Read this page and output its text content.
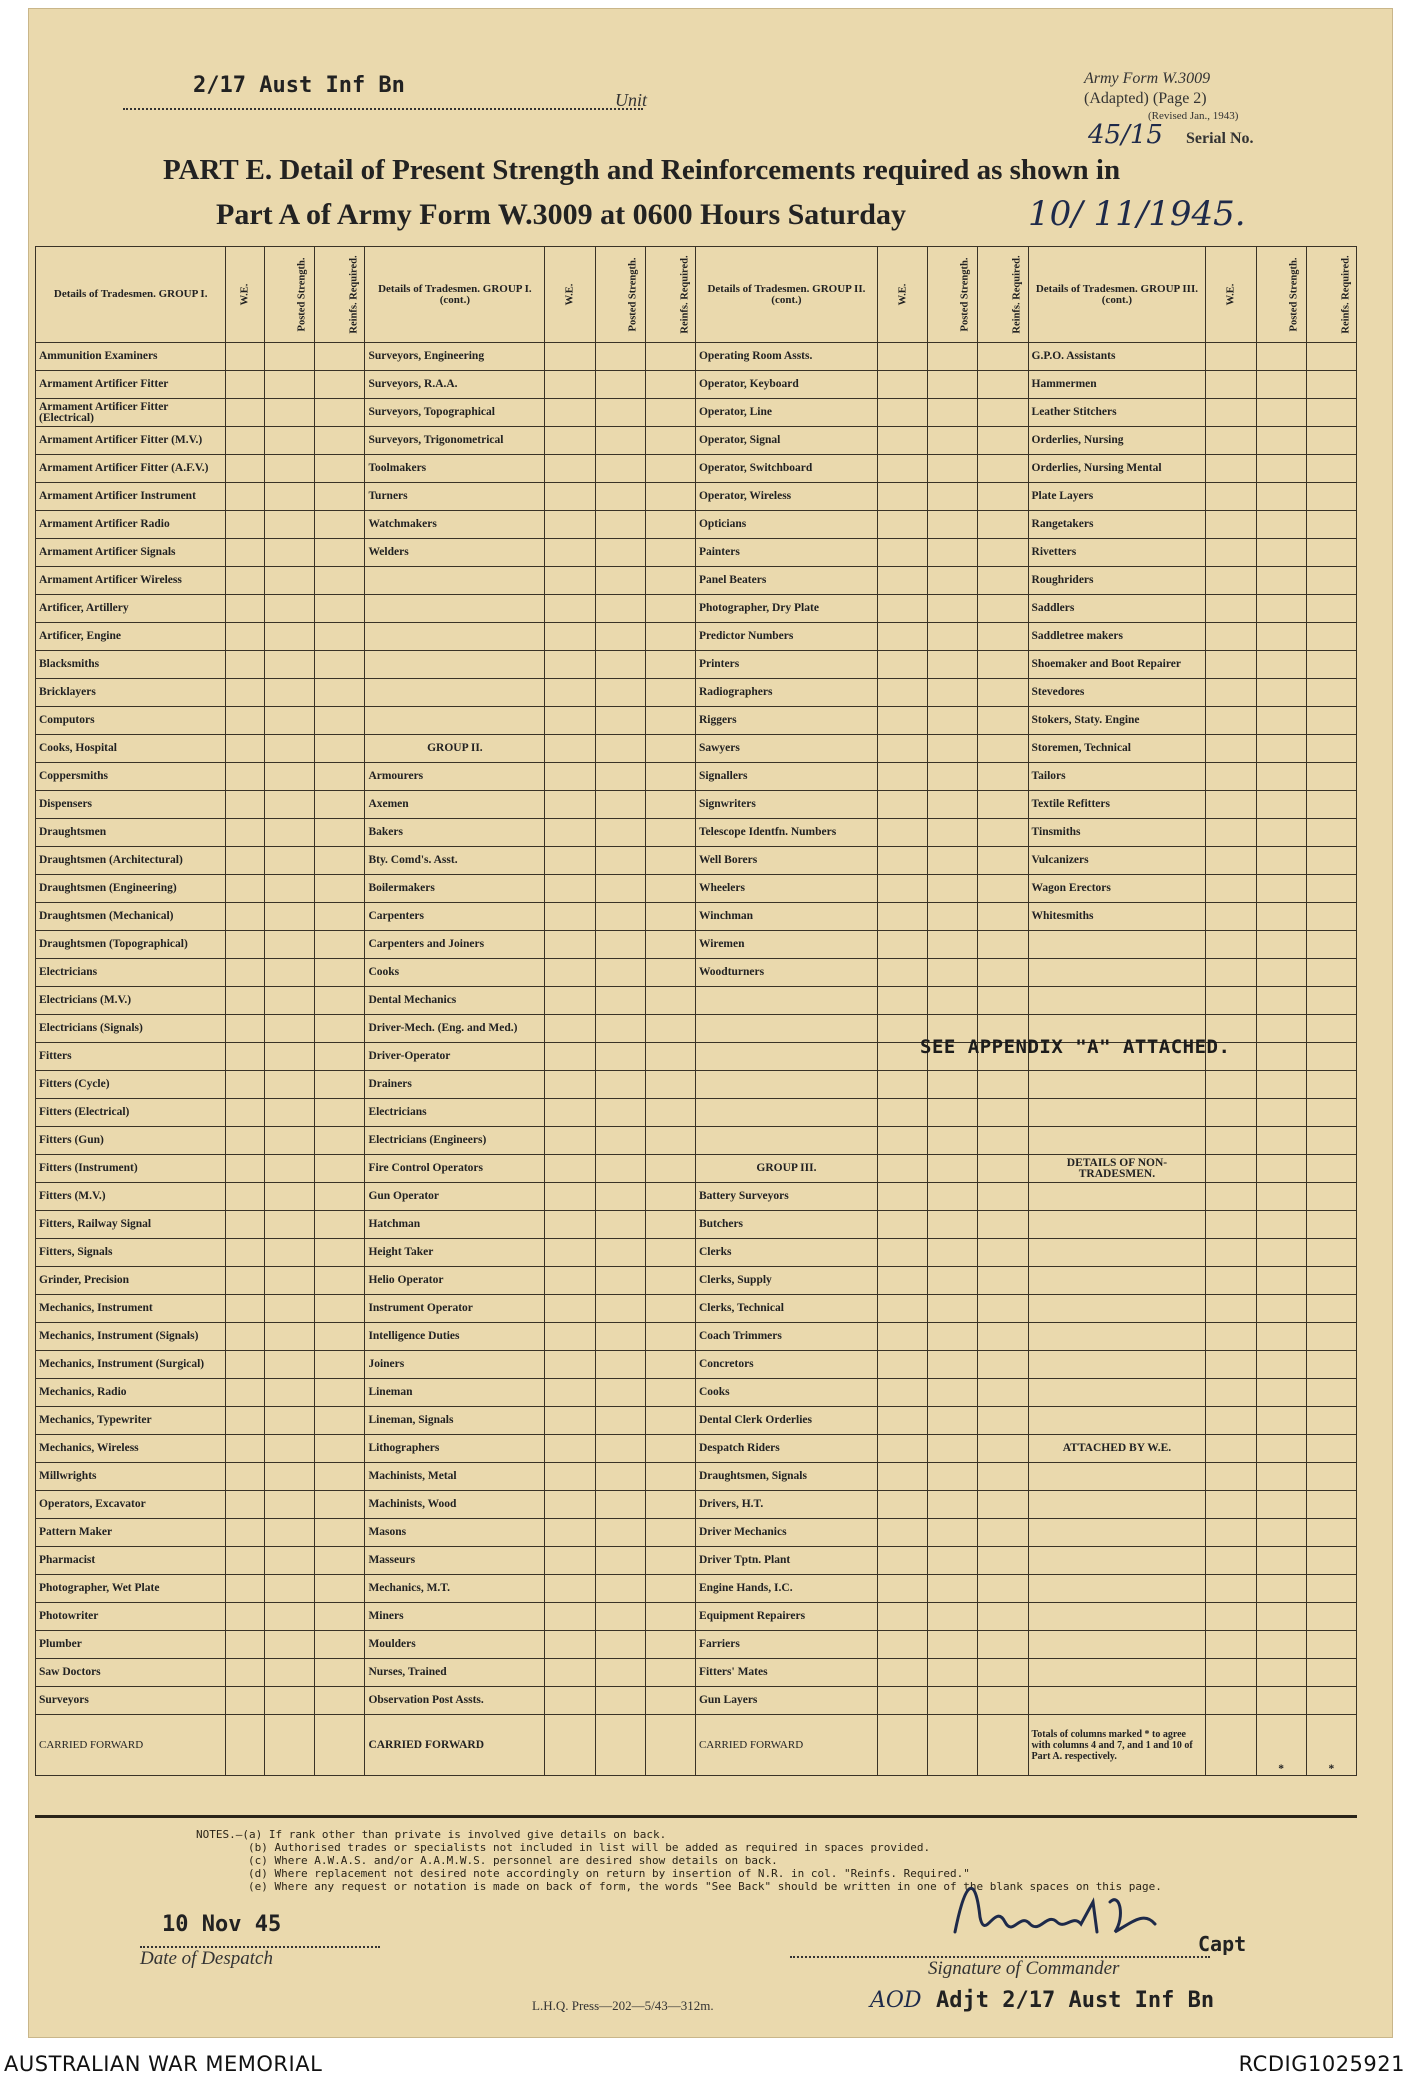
2/17 Aust Inf Bn
Unit
Army Form W.3009
(Adapted) (Page 2)
(Revised Jan., 1943)
45/15 Serial No.
PART E. Detail of Present Strength and Reinforcements required as shown in
Part A of Army Form W.3009 at 0600 Hours Saturday	10/ 11/1945.
Details of Tradesmen. GROUP I.	W.E.	Posted Strength.	Reinfs. Required.	Details of Tradesmen. GROUP I. (cont.)	W.E.	Posted Strength.	Reinfs. Required.	Details of Tradesmen. GROUP II. (cont.)	W.E.	Posted Strength.	Reinfs. Required.	Details of Tradesmen. GROUP III. (cont.)	W.E.	Posted Strength.	Reinfs. Required.
Ammunition Examiners				Surveyors, Engineering				Operating Room Assts.				G.P.O. Assistants			
Armament Artificer Fitter				Surveyors, R.A.A.				Operator, Keyboard				Hammermen			
Armament Artificer Fitter (Electrical)				Surveyors, Topographical				Operator, Line				Leather Stitchers			
Armament Artificer Fitter (M.V.)				Surveyors, Trigonometrical				Operator, Signal				Orderlies, Nursing			
Armament Artificer Fitter (A.F.V.)				Toolmakers				Operator, Switchboard				Orderlies, Nursing Mental			
Armament Artificer Instrument				Turners				Operator, Wireless				Plate Layers			
Armament Artificer Radio				Watchmakers				Opticians				Rangetakers			
Armament Artificer Signals				Welders				Painters				Rivetters			
Armament Artificer Wireless								Panel Beaters				Roughriders			
Artificer, Artillery								Photographer, Dry Plate				Saddlers			
Artificer, Engine								Predictor Numbers				Saddletree makers			
Blacksmiths								Printers				Shoemaker and Boot Repairer			
Bricklayers								Radiographers				Stevedores			
Computors								Riggers				Stokers, Staty. Engine			
Cooks, Hospital				GROUP II.				Sawyers				Storemen, Technical			
Coppersmiths				Armourers				Signallers				Tailors			
Dispensers				Axemen				Signwriters				Textile Refitters			
Draughtsmen				Bakers				Telescope Identfn. Numbers				Tinsmiths			
Draughtsmen (Architectural)				Bty. Comd's. Asst.				Well Borers				Vulcanizers			
Draughtsmen (Engineering)				Boilermakers				Wheelers				Wagon Erectors			
Draughtsmen (Mechanical)				Carpenters				Winchman				Whitesmiths			
Draughtsmen (Topographical)				Carpenters and Joiners				Wiremen							
Electricians				Cooks				Woodturners							
Electricians (M.V.)				Dental Mechanics											
Electricians (Signals)				Driver-Mech. (Eng. and Med.)											
Fitters				Driver-Operator											
Fitters (Cycle)				Drainers											
Fitters (Electrical)				Electricians											
Fitters (Gun)				Electricians (Engineers)											
Fitters (Instrument)				Fire Control Operators				GROUP III.				DETAILS OF NON-TRADESMEN.			
Fitters (M.V.)				Gun Operator				Battery Surveyors							
Fitters, Railway Signal				Hatchman				Butchers							
Fitters, Signals				Height Taker				Clerks							
Grinder, Precision				Helio Operator				Clerks, Supply							
Mechanics, Instrument				Instrument Operator				Clerks, Technical							
Mechanics, Instrument (Signals)				Intelligence Duties				Coach Trimmers							
Mechanics, Instrument (Surgical)				Joiners				Concretors							
Mechanics, Radio				Lineman				Cooks							
Mechanics, Typewriter				Lineman, Signals				Dental Clerk Orderlies							
Mechanics, Wireless				Lithographers				Despatch Riders				ATTACHED BY W.E.			
Millwrights				Machinists, Metal				Draughtsmen, Signals							
Operators, Excavator				Machinists, Wood				Drivers, H.T.							
Pattern Maker				Masons				Driver Mechanics							
Pharmacist				Masseurs				Driver Tptn. Plant							
Photographer, Wet Plate				Mechanics, M.T.				Engine Hands, I.C.							
Photowriter				Miners				Equipment Repairers							
Plumber				Moulders				Farriers							
Saw Doctors				Nurses, Trained				Fitters' Mates							
Surveyors				Observation Post Assts.				Gun Layers							
CARRIED FORWARD				CARRIED FORWARD				CARRIED FORWARD				Totals of columns marked * to agree with columns 4 and 7, and 1 and 10 of Part A. respectively.		*	*
SEE APPENDIX "A" ATTACHED.
NOTES.—(a) If rank other than private is involved give details on back.
(b) Authorised trades or specialists not included in list will be added as required in spaces provided.
(c) Where A.W.A.S. and/or A.A.M.W.S. personnel are desired show details on back.
(d) Where replacement not desired note accordingly on return by insertion of N.R. in col. "Reinfs. Required."
(e) Where any request or notation is made on back of form, the words "See Back" should be written in one of the blank spaces on this page.
10 Nov 45
Date of Despatch
Capt
Signature of Commander
AOD Adjt 2/17 Aust Inf Bn
L.H.Q. Press—202—5/43—312m.
AUSTRALIAN WAR MEMORIAL	RCDIG1025921
